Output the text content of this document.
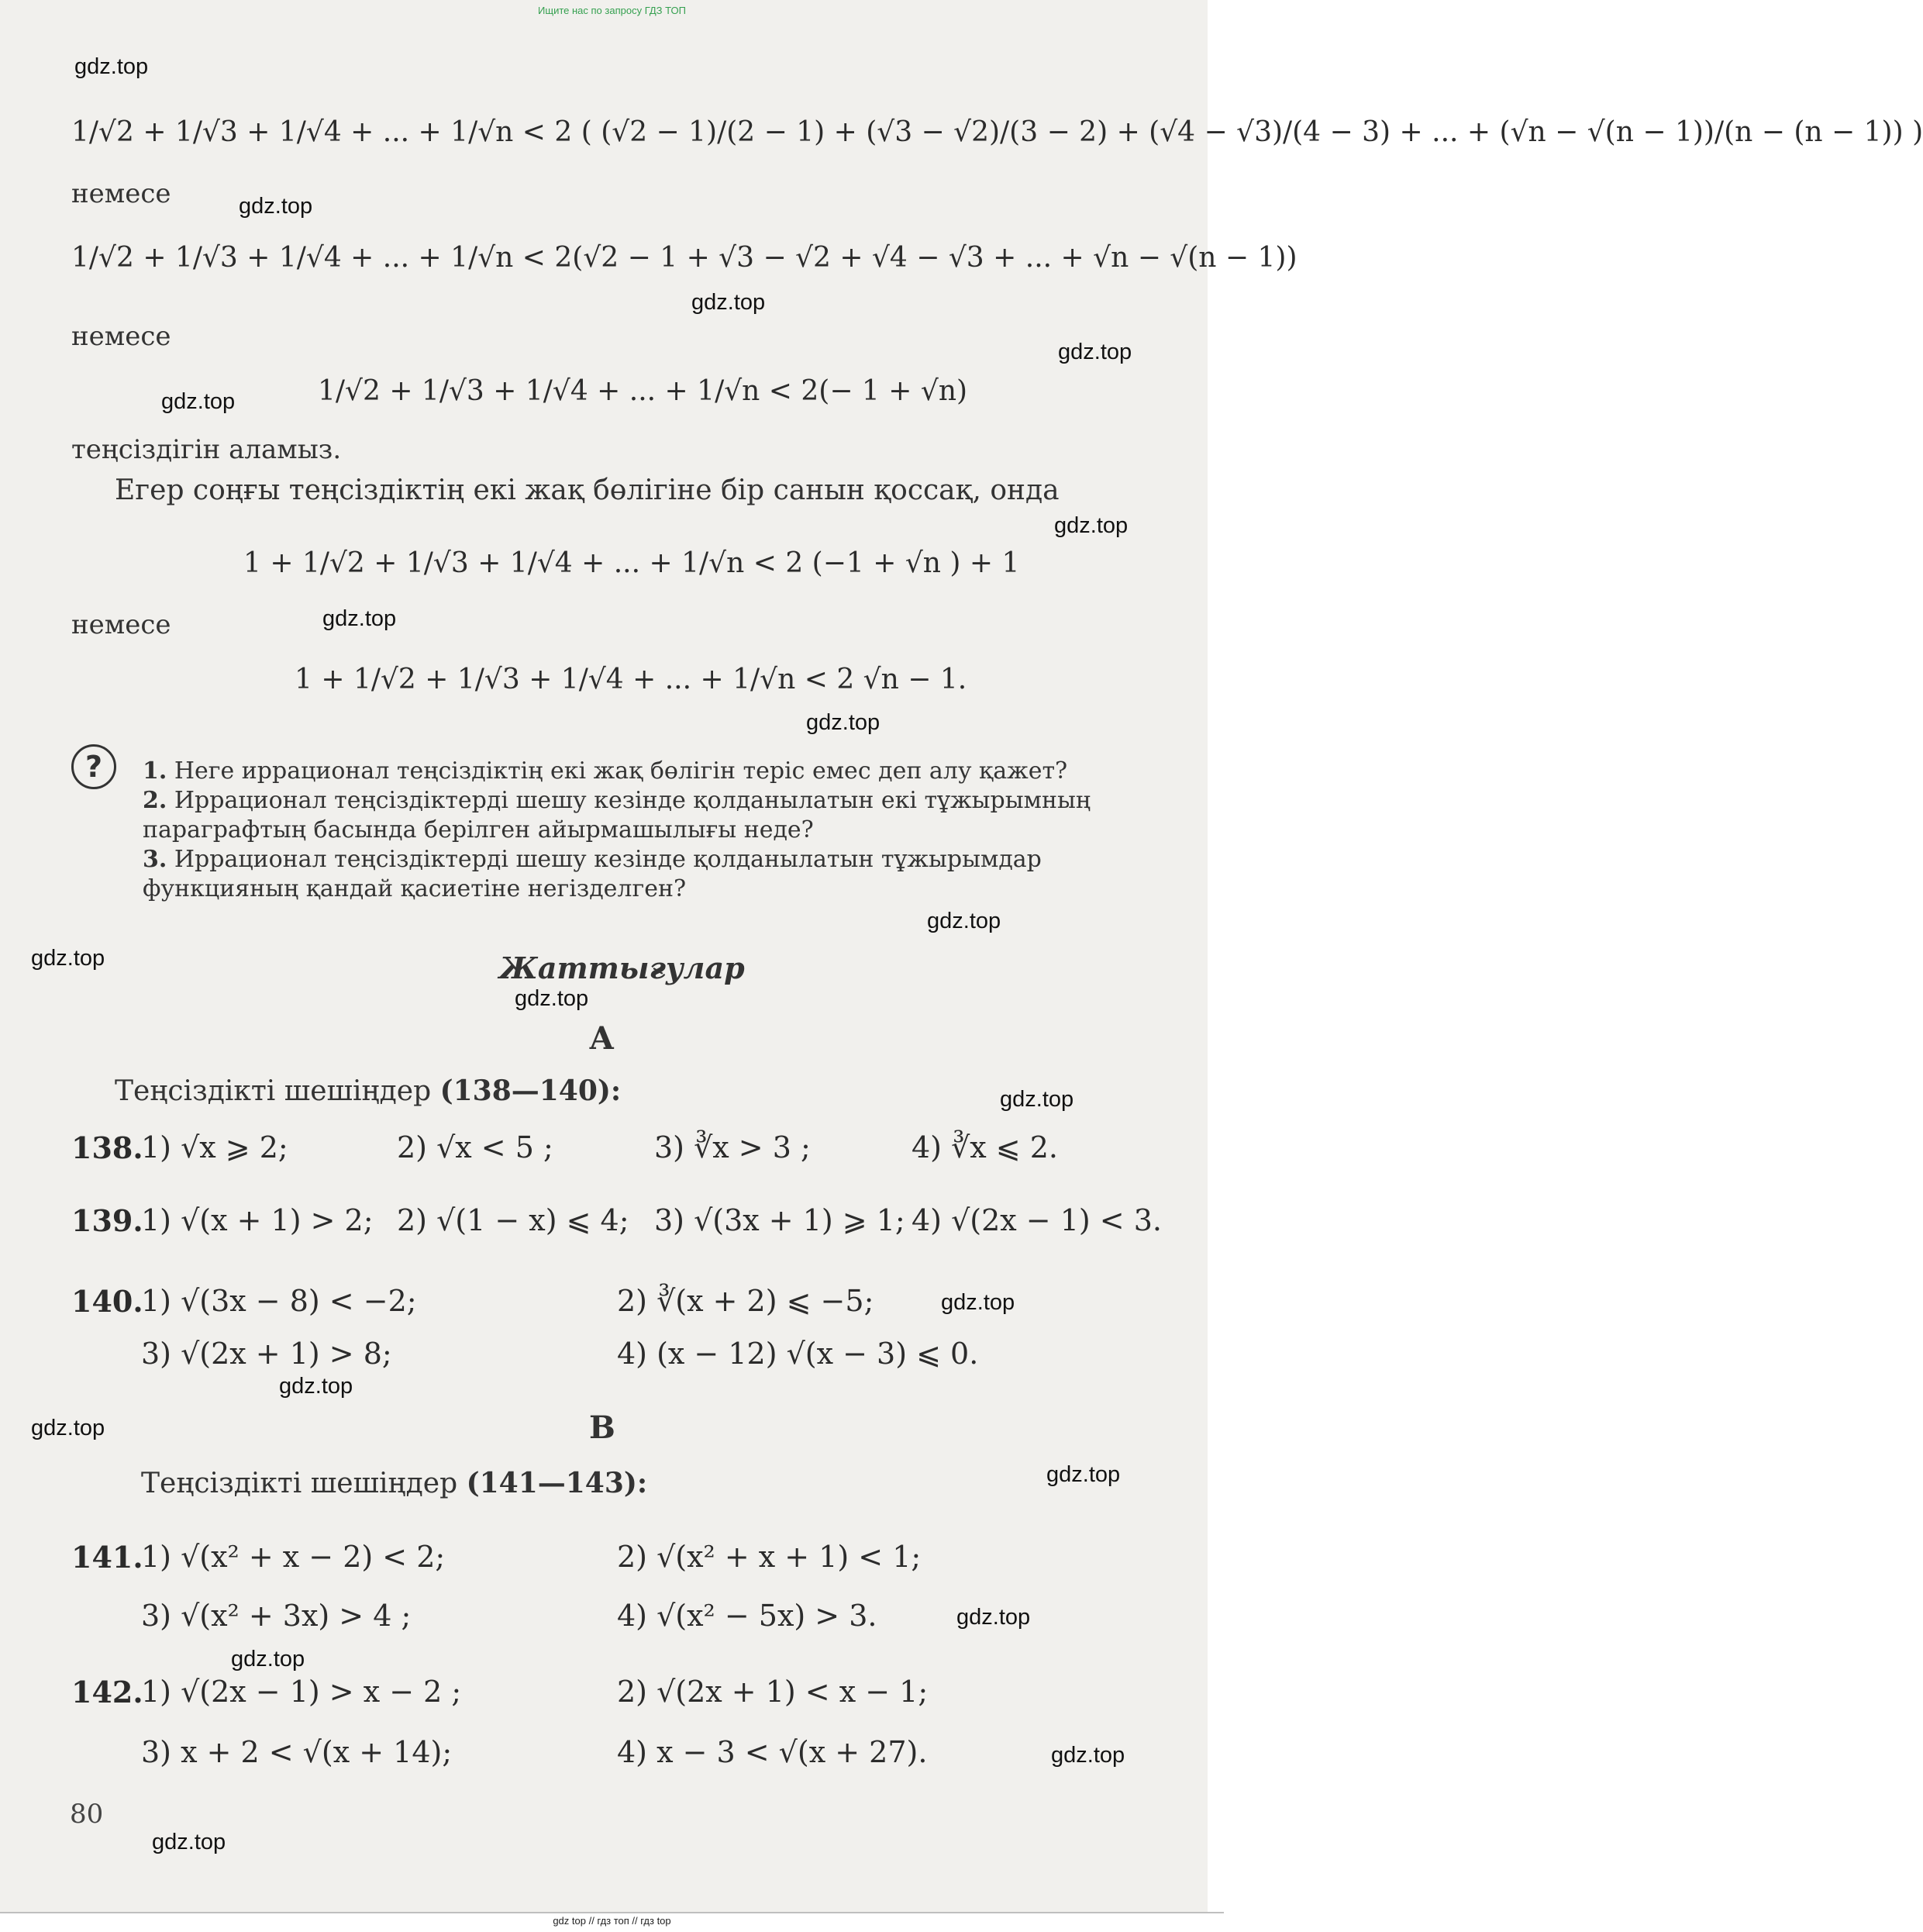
Ищите нас по запросу ГДЗ ТОП
gdz.top
gdz.top
gdz.top
gdz.top
gdz.top
gdz.top
gdz.top
gdz.top
gdz.top
gdz.top
gdz.top
gdz.top
gdz.top
gdz.top
gdz.top
gdz.top
gdz.top
gdz.top
gdz.top
gdz.top
1/√2 + 1/√3 + 1/√4 + ... + 1/√n < 2 ( (√2 − 1)/(2 − 1) + (√3 − √2)/(3 − 2) + (√4 − √3)/(4 − 3) + ... + (√n − √(n − 1))/(n − (n − 1)) )
немесе
1/√2 + 1/√3 + 1/√4 + ... + 1/√n < 2(√2 − 1 + √3 − √2 + √4 − √3 + ... + √n − √(n − 1))
немесе
1/√2 + 1/√3 + 1/√4 + ... + 1/√n < 2(− 1 + √n)
теңсіздігін аламыз.
Егер соңғы теңсіздіктің екі жақ бөлігіне бір санын қоссақ, онда
1 + 1/√2 + 1/√3 + 1/√4 + ... + 1/√n < 2 (−1 + √n ) + 1
немесе
1 + 1/√2 + 1/√3 + 1/√4 + ... + 1/√n < 2 √n − 1.
?	1. Неге иррационал теңсіздіктің екі жақ бөлігін теріс емес деп алу қажет?
2. Иррационал теңсіздіктерді шешу кезінде қолданылатын екі тұжырымның параграфтың басында берілген айырмашылығы неде?
3. Иррационал теңсіздіктерді шешу кезінде қолданылатын тұжырымдар функцияның қандай қасиетіне негізделген?
Жаттығулар
А
Теңсіздікті шешіңдер (138—140):
138.
1) √x ⩾ 2;	2) √x < 5 ;	3) ∛x > 3 ;	4) ∛x ⩽ 2.
139.
1) √(x + 1) > 2; 2) √(1 − x) ⩽ 4; 3) √(3x + 1) ⩾ 1; 4) √(2x − 1) < 3.
140.
1) √(3x − 8) < −2;	2) ∛(x + 2) ⩽ −5;
3) √(2x + 1) > 8;	4) (x − 12) √(x − 3) ⩽ 0.
В
Теңсіздікті шешіңдер (141—143):
141.
1) √(x² + x − 2) < 2;	2) √(x² + x + 1) < 1;
3) √(x² + 3x) > 4 ;	4) √(x² − 5x) > 3.
142.
1) √(2x − 1) > x − 2 ;	2) √(2x + 1) < x − 1;
3) x + 2 < √(x + 14);	4) x − 3 < √(x + 27).
80
gdz top // гдз топ // гдз top
